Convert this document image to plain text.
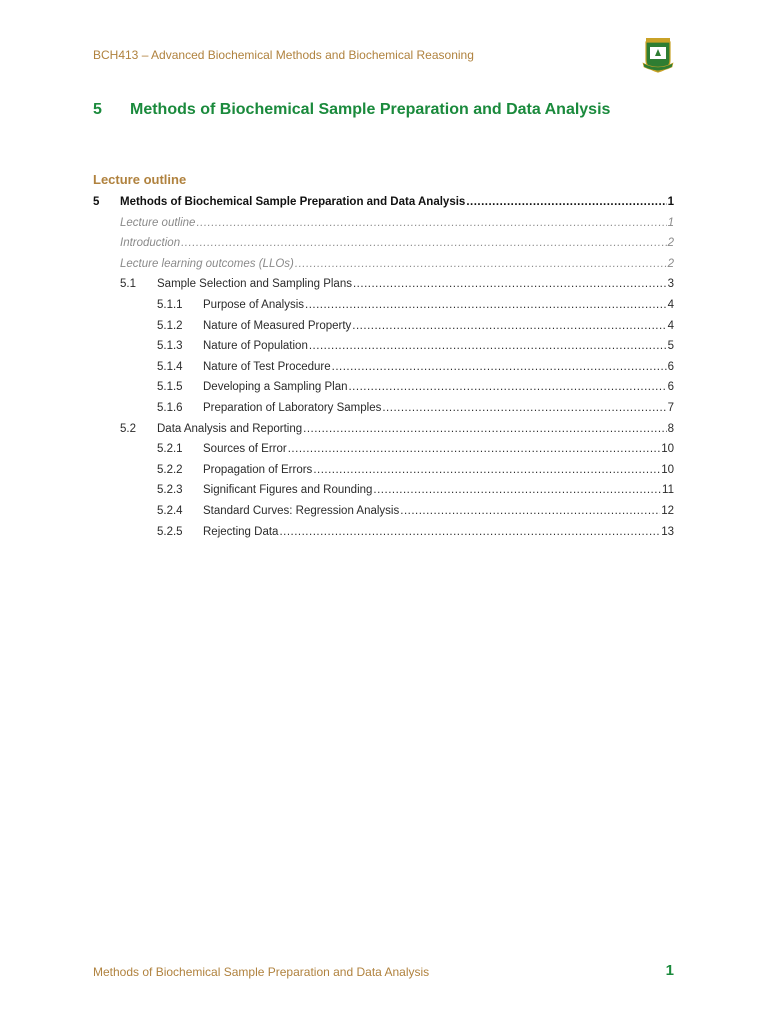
BCH413 – Advanced Biochemical Methods and Biochemical Reasoning
5 Methods of Biochemical Sample Preparation and Data Analysis
Lecture outline
5	Methods of Biochemical Sample Preparation and Data Analysis .....	1
Lecture outline .....	1
Introduction .....	2
Lecture learning outcomes (LLOs) .....	2
5.1	Sample Selection and Sampling Plans .....	3
5.1.1	Purpose of Analysis .....	4
5.1.2	Nature of Measured Property .....	4
5.1.3	Nature of Population .....	5
5.1.4	Nature of Test Procedure .....	6
5.1.5	Developing a Sampling Plan .....	6
5.1.6	Preparation of Laboratory Samples .....	7
5.2	Data Analysis and Reporting .....	8
5.2.1	Sources of Error .....	10
5.2.2	Propagation of Errors .....	10
5.2.3	Significant Figures and Rounding .....	11
5.2.4	Standard Curves: Regression Analysis .....	12
5.2.5	Rejecting Data .....	13
Methods of Biochemical Sample Preparation and Data Analysis	1
